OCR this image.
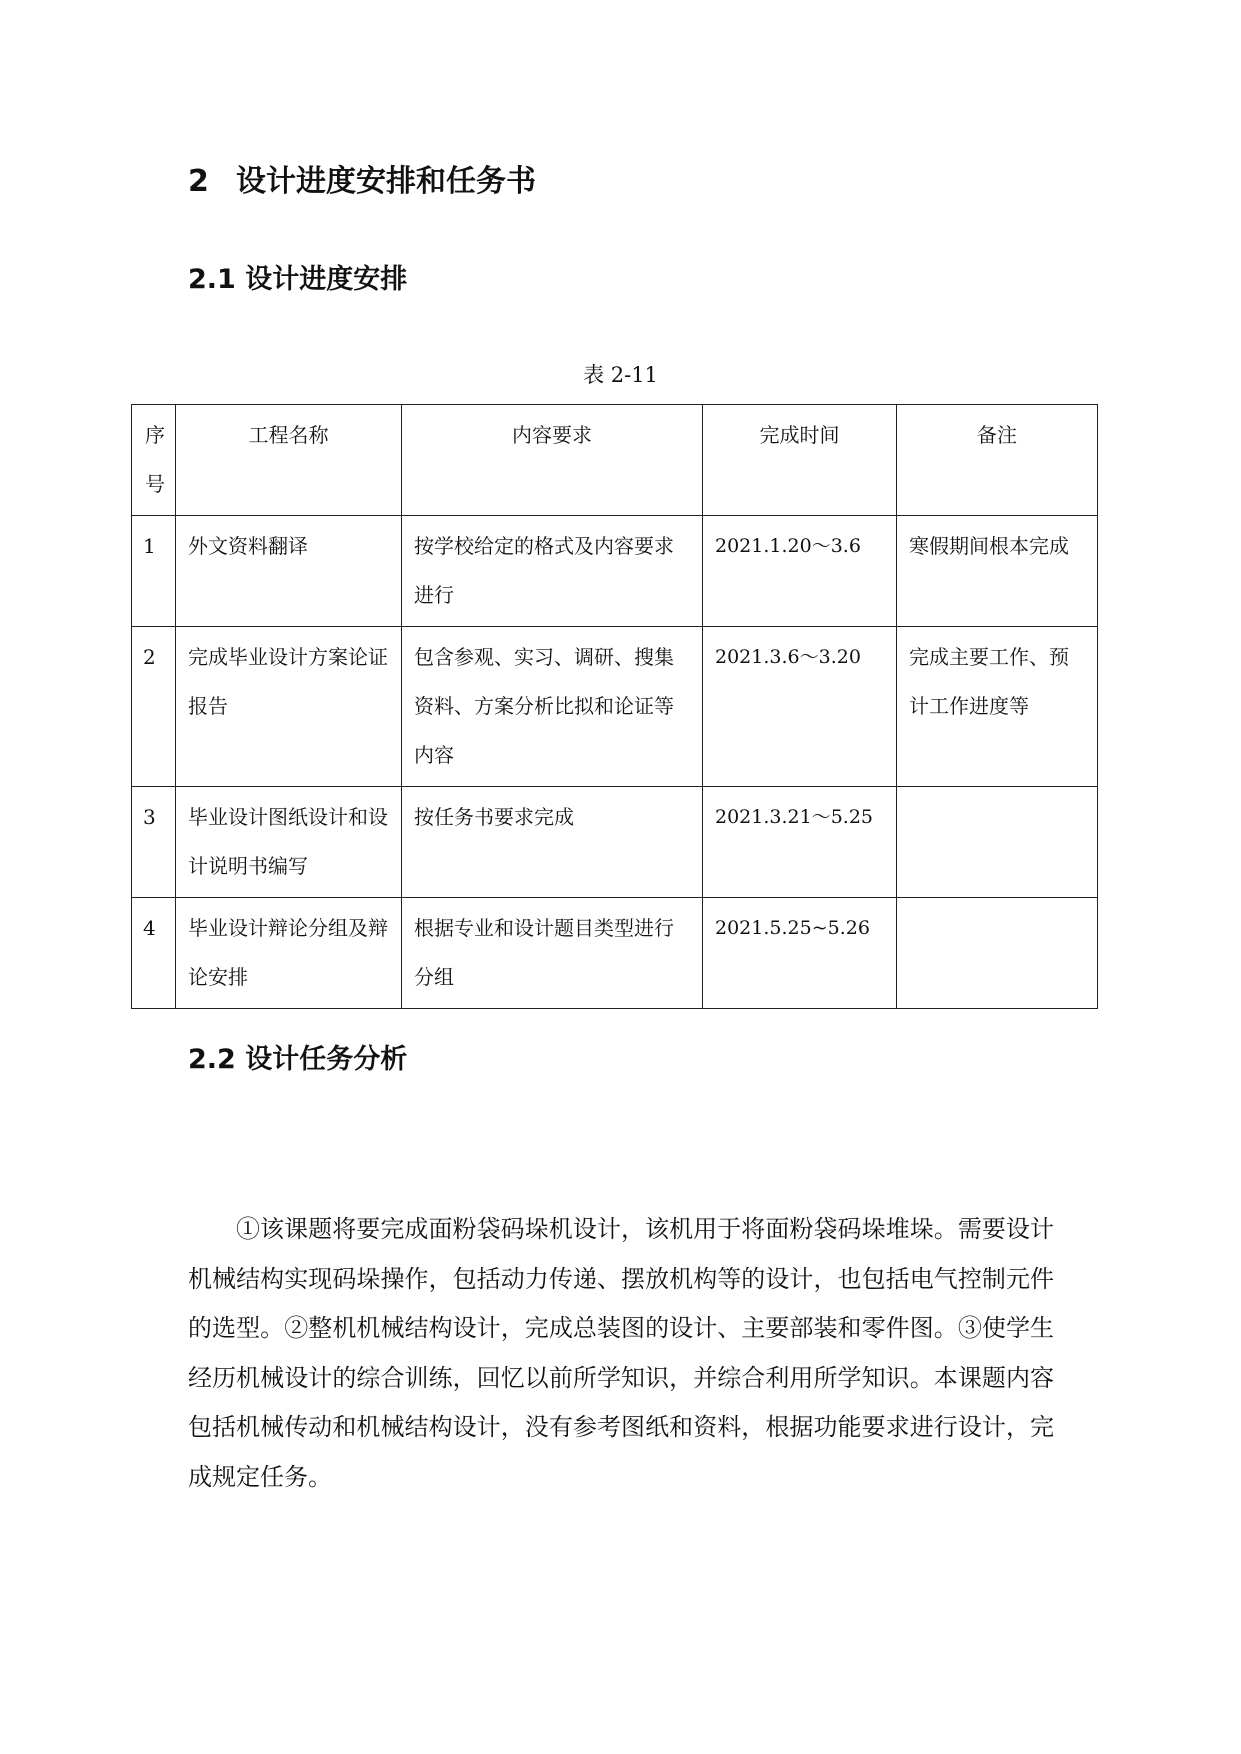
2 设计进度安排和任务书
2.1 设计进度安排
表 2-11
序号	工程名称	内容要求	完成时间	备注
1	外文资料翻译	按学校给定的格式及内容要求进行	2021.1.20～3.6	寒假期间根本完成
2	完成毕业设计方案论证报告	包含参观、实习、调研、搜集资料、方案分析比拟和论证等内容	2021.3.6～3.20	完成主要工作、预计工作进度等
3	毕业设计图纸设计和设计说明书编写	按任务书要求完成	2021.3.21～5.25	
4	毕业设计辩论分组及辩论安排	根据专业和设计题目类型进行分组	2021.5.25~5.26	
2.2 设计任务分析

①该课题将要完成面粉袋码垛机设计，该机用于将面粉袋码垛堆垛。需要设计机械结构实现码垛操作，包括动力传递、摆放机构等的设计，也包括电气控制元件的选型。②整机机械结构设计，完成总装图的设计、主要部装和零件图。③使学生经历机械设计的综合训练，回忆以前所学知识，并综合利用所学知识。本课题内容包括机械传动和机械结构设计，没有参考图纸和资料，根据功能要求进行设计，完成规定任务。
